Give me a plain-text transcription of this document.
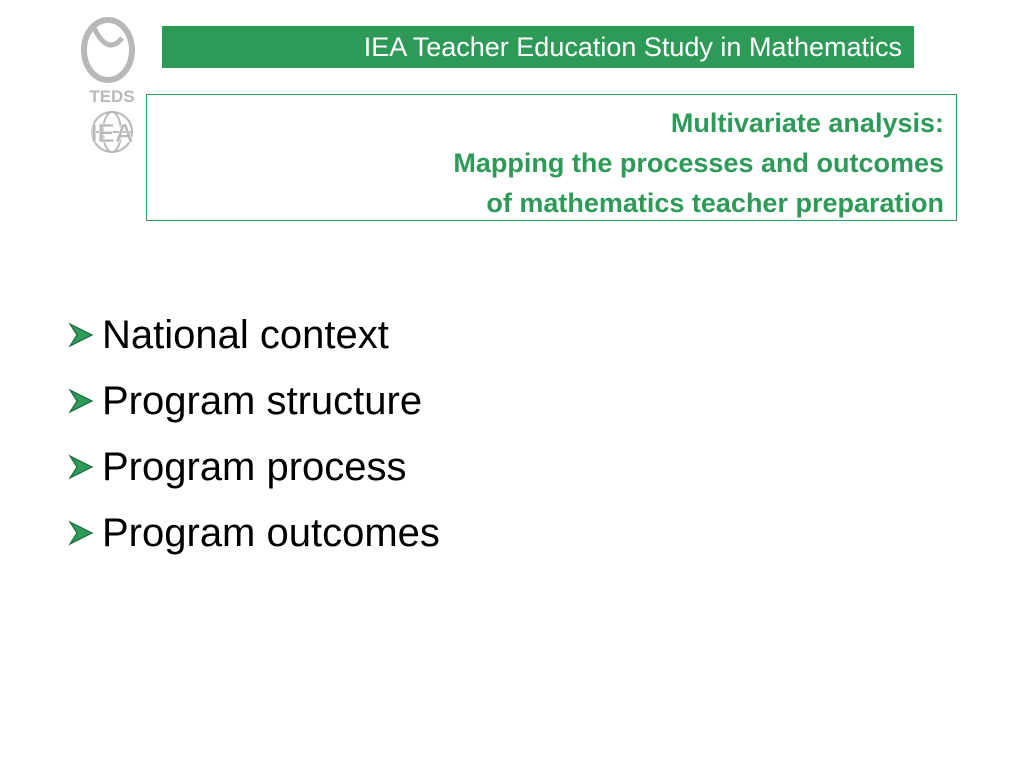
TEDS
IEA
IEA Teacher Education Study in Mathematics
Multivariate analysis:
Mapping the processes and outcomes
of mathematics teacher preparation
National context
Program structure
Program process
Program outcomes
